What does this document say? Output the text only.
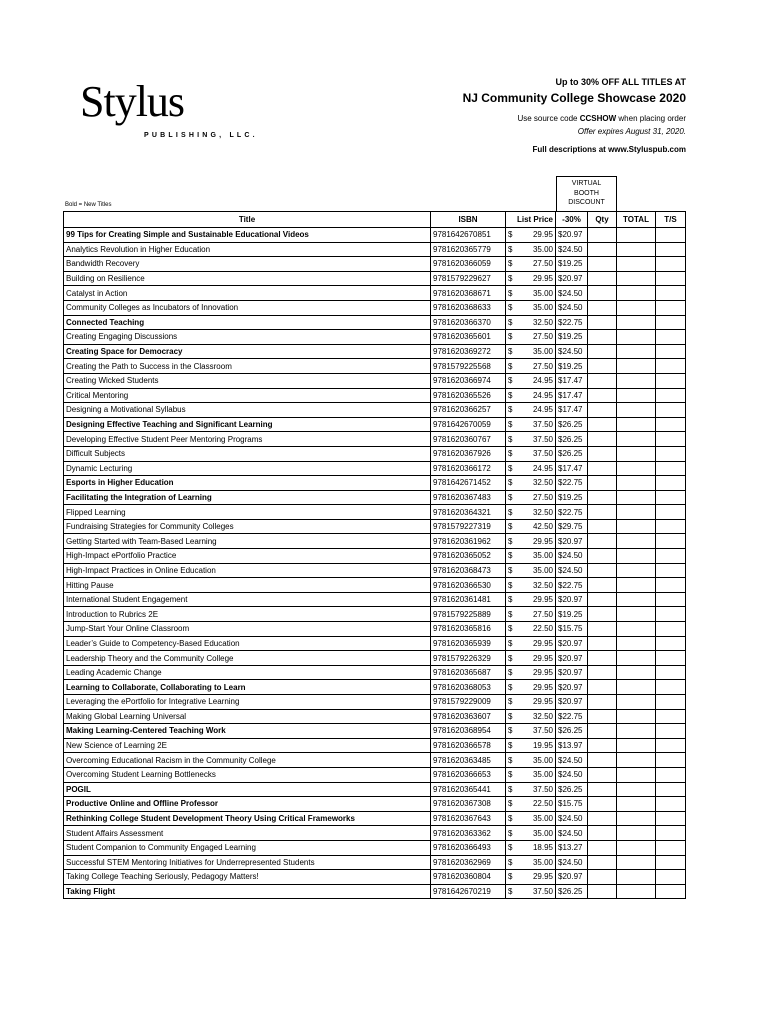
Stylus
PUBLISHING, LLC.
Up to 30% OFF ALL TITLES AT
NJ Community College Showcase 2020
Use source code CCSHOW when placing order
Offer expires August 31, 2020.
Full descriptions at www.Styluspub.com
Bold = New Titles
VIRTUAL
BOOTH
DISCOUNT
Title	ISBN	List Price	-30%	Qty	TOTAL	T/S
99 Tips for Creating Simple and Sustainable Educational Videos	9781642670851	$ 29.95	$20.97			
Analytics Revolution in Higher Education	9781620365779	$ 35.00	$24.50			
Bandwidth Recovery	9781620366059	$ 27.50	$19.25			
Building on Resilience	9781579229627	$ 29.95	$20.97			
Catalyst in Action	9781620368671	$ 35.00	$24.50			
Community Colleges as Incubators of Innovation	9781620368633	$ 35.00	$24.50			
Connected Teaching	9781620366370	$ 32.50	$22.75			
Creating Engaging Discussions	9781620365601	$ 27.50	$19.25			
Creating Space for Democracy	9781620369272	$ 35.00	$24.50			
Creating the Path to Success in the Classroom	9781579225568	$ 27.50	$19.25			
Creating Wicked Students	9781620366974	$ 24.95	$17.47			
Critical Mentoring	9781620365526	$ 24.95	$17.47			
Designing a Motivational Syllabus	9781620366257	$ 24.95	$17.47			
Designing Effective Teaching and Significant Learning	9781642670059	$ 37.50	$26.25			
Developing Effective Student Peer Mentoring Programs	9781620360767	$ 37.50	$26.25			
Difficult Subjects	9781620367926	$ 37.50	$26.25			
Dynamic Lecturing	9781620366172	$ 24.95	$17.47			
Esports in Higher Education	9781642671452	$ 32.50	$22.75			
Facilitating the Integration of Learning	9781620367483	$ 27.50	$19.25			
Flipped Learning	9781620364321	$ 32.50	$22.75			
Fundraising Strategies for Community Colleges	9781579227319	$ 42.50	$29.75			
Getting Started with Team-Based Learning	9781620361962	$ 29.95	$20.97			
High-Impact ePortfolio Practice	9781620365052	$ 35.00	$24.50			
High-Impact Practices in Online Education	9781620368473	$ 35.00	$24.50			
Hitting Pause	9781620366530	$ 32.50	$22.75			
International Student Engagement	9781620361481	$ 29.95	$20.97			
Introduction to Rubrics 2E	9781579225889	$ 27.50	$19.25			
Jump-Start Your Online Classroom	9781620365816	$ 22.50	$15.75			
Leader’s Guide to Competency-Based Education	9781620365939	$ 29.95	$20.97			
Leadership Theory and the Community College	9781579226329	$ 29.95	$20.97			
Leading Academic Change	9781620365687	$ 29.95	$20.97			
Learning to Collaborate, Collaborating to Learn	9781620368053	$ 29.95	$20.97			
Leveraging the ePortfolio for Integrative Learning	9781579229009	$ 29.95	$20.97			
Making Global Learning Universal	9781620363607	$ 32.50	$22.75			
Making Learning-Centered Teaching Work	9781620368954	$ 37.50	$26.25			
New Science of Learning 2E	9781620366578	$ 19.95	$13.97			
Overcoming Educational Racism in the Community College	9781620363485	$ 35.00	$24.50			
Overcoming Student Learning Bottlenecks	9781620366653	$ 35.00	$24.50			
POGIL	9781620365441	$ 37.50	$26.25			
Productive Online and Offline Professor	9781620367308	$ 22.50	$15.75			
Rethinking College Student Development Theory Using Critical Frameworks	9781620367643	$ 35.00	$24.50			
Student Affairs Assessment	9781620363362	$ 35.00	$24.50			
Student Companion to Community Engaged Learning	9781620366493	$ 18.95	$13.27			
Successful STEM Mentoring Initiatives for Underrepresented Students	9781620362969	$ 35.00	$24.50			
Taking College Teaching Seriously, Pedagogy Matters!	9781620360804	$ 29.95	$20.97			
Taking Flight	9781642670219	$ 37.50	$26.25			
